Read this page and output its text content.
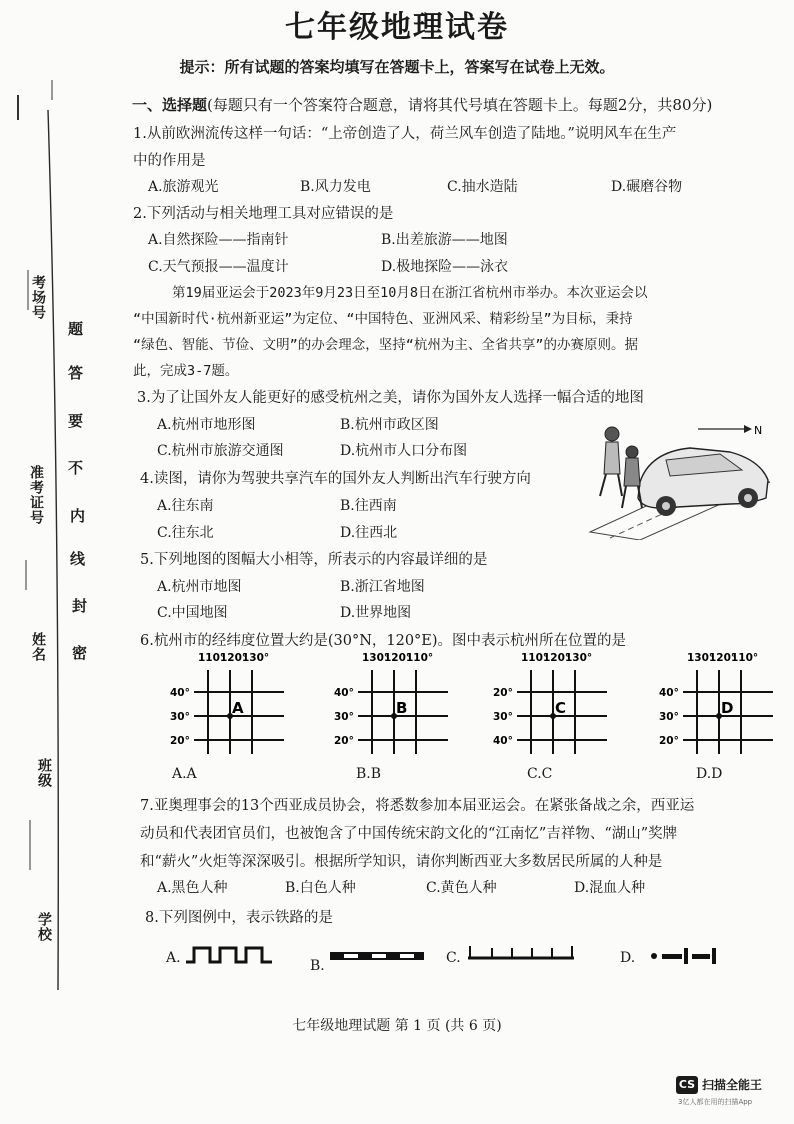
考场号
准考证号
姓名
班级
学校
题
答
要
不
内
线
封
密
七年级地理试卷
提示：所有试题的答案均填写在答题卡上，答案写在试卷上无效。
一、选择题(每题只有一个答案符合题意，请将其代号填在答题卡上。每题2分，共80分)
1.从前欧洲流传这样一句话：“上帝创造了人，荷兰风车创造了陆地。”说明风车在生产
中的作用是
A.旅游观光	B.风力发电	C.抽水造陆	D.碾磨谷物
2.下列活动与相关地理工具对应错误的是
A.自然探险——指南针	B.出差旅游——地图
C.天气预报——温度计	D.极地探险——泳衣
第19届亚运会于2023年9月23日至10月8日在浙江省杭州市举办。本次亚运会以
“中国新时代·杭州新亚运”为定位、“中国特色、亚洲风采、精彩纷呈”为目标，秉持
“绿色、智能、节俭、文明”的办会理念，坚持“杭州为主、全省共享”的办赛原则。据
此，完成3-7题。
3.为了让国外友人能更好的感受杭州之美，请你为国外友人选择一幅合适的地图
A.杭州市地形图	B.杭州市政区图
C.杭州市旅游交通图	D.杭州市人口分布图
4.读图，请你为驾驶共享汽车的国外友人判断出汽车行驶方向
A.往东南	B.往西南
C.往东北	D.往西北
N
5.下列地图的图幅大小相等，所表示的内容最详细的是
A.杭州市地图	B.浙江省地图
C.中国地图	D.世界地图
6.杭州市的经纬度位置大约是(30°N，120°E)。图中表示杭州所在位置的是
110°
120°
130°
40°
30°
20°
A
130°
120°
110°
40°
30°
20°
B
110°
120°
130°
20°
30°
40°
C
130°
120°
110°
40°
30°
20°
D
A.A	B.B	C.C	D.D
7.亚奥理事会的13个西亚成员协会，将悉数参加本届亚运会。在紧张备战之余，西亚运
动员和代表团官员们，也被饱含了中国传统宋韵文化的“江南忆”吉祥物、“湖山”奖牌
和“薪火”火炬等深深吸引。根据所学知识，请你判断西亚大多数居民所属的人种是
A.黑色人种	B.白色人种	C.黄色人种	D.混血人种
8.下列图例中，表示铁路的是
A.	B.	C.	D.
七年级地理试题 第 1 页 (共 6 页)
CS 扫描全能王
3亿人都在用的扫描App
